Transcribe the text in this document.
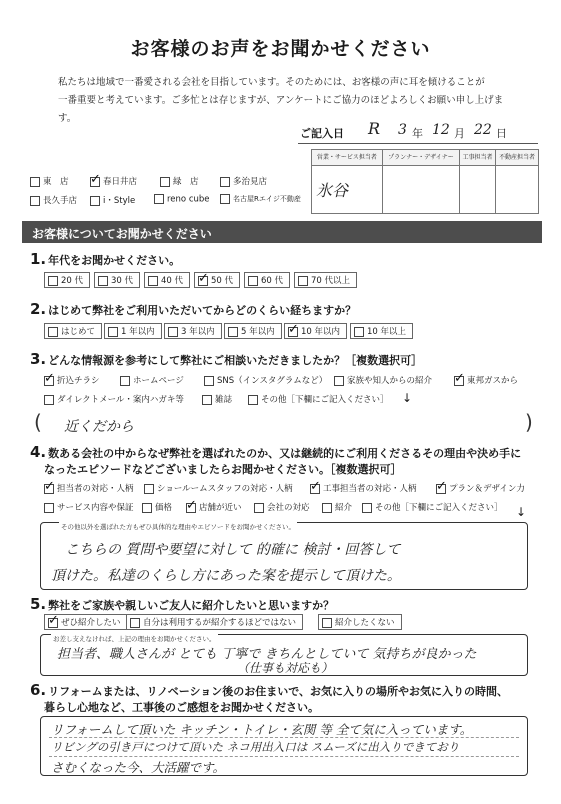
お客様のお声をお聞かせください
私たちは地域で一番愛される会社を目指しています。そのためには、お客様の声に耳を傾けることが
一番重要と考えています。ご多忙とは存じますが、アンケートにご協力のほどよろしくお願い申し上げます。
ご記入日 R 3 年 12 月 22 日
営業・サービス担当者	プランナー・デザイナー	工事担当者	不動産担当者
氷谷			
東　店 ✓	春日井店	緑　店	多治見店
長久手店	i・Style	reno cube	名古屋Rエイジ不動産
お客様についてお聞かせください
1. 年代をお聞かせください。
20 代	30 代	40 代 ✓	50 代	60 代	70 代以上
2. はじめて弊社をご利用いただいてからどのくらい経ちますか？
はじめて	1 年以内	3 年以内	5 年以内 ✓	10 年以内	10 年以上
3. どんな情報源を参考にして弊社にご相談いただきましたか？［複数選択可］
✓折込チラシ	ホームページ	SNS（インスタグラムなど）	家族や知人からの紹介 ✓	東邦ガスから
ダイレクトメール・案内ハガキ等	雑誌	その他［下欄にご記入ください］ ↓
(	)
近くだから
4. 数ある会社の中からなぜ弊社を選ばれたのか、又は継続的にご利用くださるその理由や決め手に
なったエピソードなどございましたらお聞かせください。［複数選択可］
✓担当者の対応・人柄	ショールームスタッフの対応・人柄 ✓	工事担当者の対応・人柄 ✓	プラン＆デザイン力
サービス内容や保証	価格 ✓	店舗が近い	会社の対応	紹介	その他［下欄にご記入ください］ ↓
その他以外を選ばれた方もぜひ具体的な理由やエピソードをお聞かせください。
こちらの 質問や要望に対して 的確に 検討・回答して
頂けた。私達のくらし方にあった案を提示して頂けた。
5. 弊社をご家族や親しいご友人に紹介したいと思いますか？
✓ぜひ紹介したい	自分は利用するが紹介するほどではない	紹介したくない
お差し支えなければ、上記の理由をお聞かせください。
担当者、職人さんが とても 丁寧で きちんとしていて 気持ちが良かった
（仕事も対応も）
6. リフォームまたは、リノベーション後のお住まいで、お気に入りの場所やお気に入りの時間、
暮らし心地など、工事後のご感想をお聞かせください。
リフォームして頂いた キッチン・トイレ・玄関 等 全て気に入っています。
リビングの引き戸につけて頂いた ネコ用出入口は スムーズに出入りできており
さむくなった今、大活躍です。
